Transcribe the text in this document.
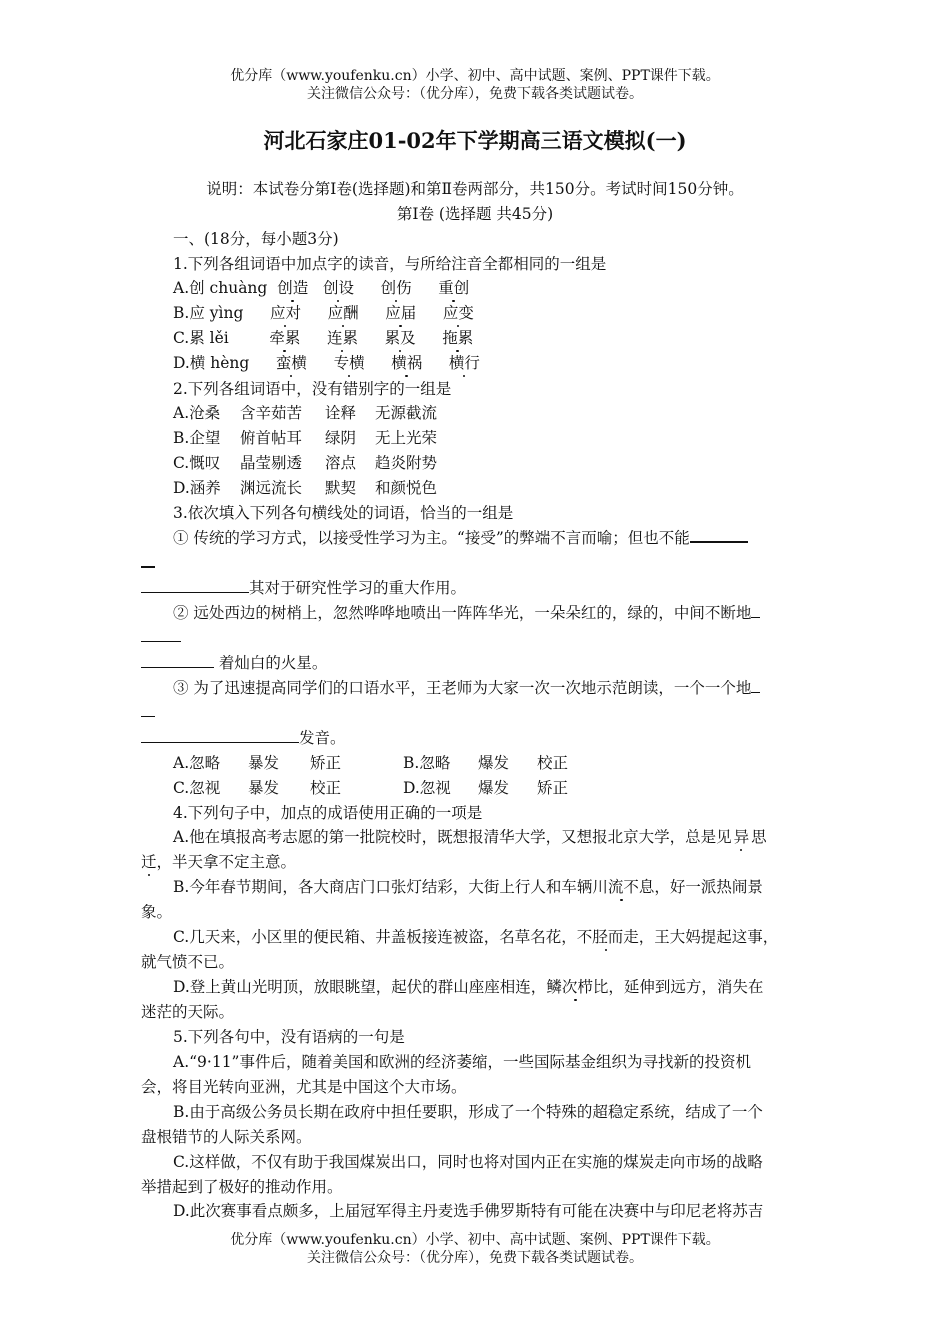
优分库（www.youfenku.cn）小学、初中、高中试题、案例、PPT课件下载。
关注微信公众号：（优分库），免费下载各类试题试卷。
河北石家庄01-02年下学期高三语文模拟(一)
说明：本试卷分第Ⅰ卷(选择题)和第Ⅱ卷两部分，共150分。考试时间150分钟。
第Ⅰ卷 (选择题 共45分)
一、(18分，每小题3分)
1.下列各组词语中加点字的读音，与所给注音全都相同的一组是
A.创 chuàng 创造 创设 创伤 重创
B.应 yìng 应对 应酬 应届 应变
C.累 lěi	牵累 连累 累及 拖累
D.横 hèng 蛮横 专横 横祸 横行
2.下列各组词语中，没有错别字的一组是
A.沧桑 含辛茹苦 诠释 无源截流
B.企望 俯首帖耳 绿阴 无上光荣
C.慨叹 晶莹剔透 溶点 趋炎附势
D.涵养 渊远流长 默契 和颜悦色
3.依次填入下列各句横线处的词语，恰当的一组是
① 传统的学习方式，以接受性学习为主。“接受”的弊端不言而喻；但也不能
其对于研究性学习的重大作用。
② 远处西边的树梢上，忽然哗哗地喷出一阵阵华光，一朵朵红的，绿的，中间不断地
着灿白的火星。
③ 为了迅速提高同学们的口语水平，王老师为大家一次一次地示范朗读，一个一个地
发音。
A.忽略 暴发 矫正	B.忽略 爆发 校正
C.忽视 暴发 校正	D.忽视 爆发 矫正
4.下列句子中，加点的成语使用正确的一项是
A.他在填报高考志愿的第一批院校时，既想报清华大学，又想报北京大学，总是见异思
迁，半天拿不定主意。
B.今年春节期间，各大商店门口张灯结彩，大街上行人和车辆川流不息，好一派热闹景
象。
C.几天来，小区里的便民箱、井盖板接连被盗，名草名花，不胫而走，王大妈提起这事，
就气愤不已。
D.登上黄山光明顶，放眼眺望，起伏的群山座座相连，鳞次栉比，延伸到远方，消失在
迷茫的天际。
5.下列各句中，没有语病的一句是
A.“9·11”事件后，随着美国和欧洲的经济萎缩，一些国际基金组织为寻找新的投资机
会，将目光转向亚洲，尤其是中国这个大市场。
B.由于高级公务员长期在政府中担任要职，形成了一个特殊的超稳定系统，结成了一个
盘根错节的人际关系网。
C.这样做，不仅有助于我国煤炭出口，同时也将对国内正在实施的煤炭走向市场的战略
举措起到了极好的推动作用。
D.此次赛事看点颇多，上届冠军得主丹麦选手佛罗斯特有可能在决赛中与印尼老将苏吉
优分库（www.youfenku.cn）小学、初中、高中试题、案例、PPT课件下载。
关注微信公众号：（优分库），免费下载各类试题试卷。
